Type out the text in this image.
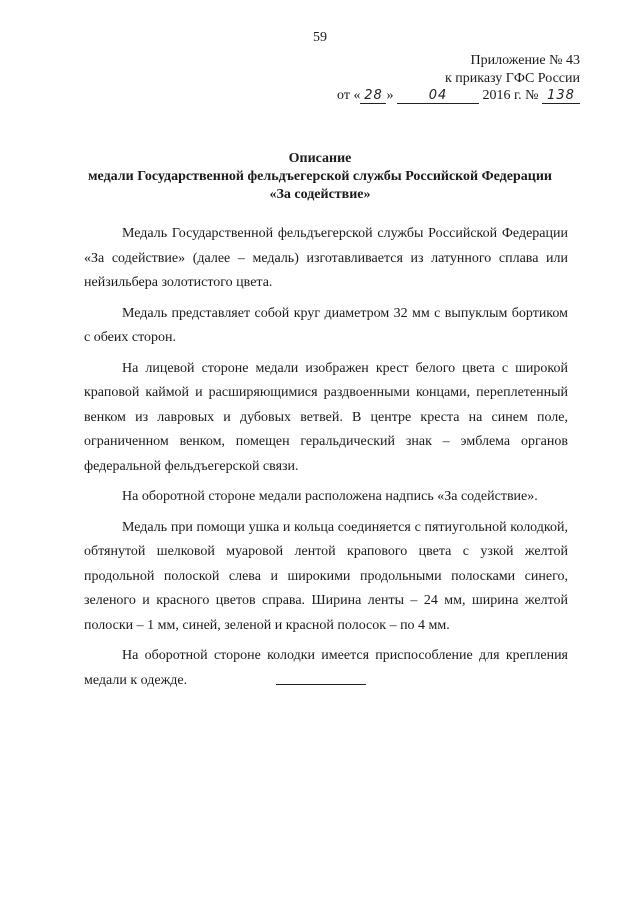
59
Приложение № 43
к приказу ГФС России
от « 28 »	04	2016 г. № 138
Описание
медали Государственной фельдъегерской службы Российской Федерации
«За содействие»

Медаль Государственной фельдъегерской службы Российской Федерации «За содействие» (далее – медаль) изготавливается из латунного сплава или нейзильбера золотистого цвета.

Медаль представляет собой круг диаметром 32 мм с выпуклым бортиком с обеих сторон.

На лицевой стороне медали изображен крест белого цвета с широкой краповой каймой и расширяющимися раздвоенными концами, переплетенный венком из лавровых и дубовых ветвей. В центре креста на синем поле, ограниченном венком, помещен геральдический знак – эмблема органов федеральной фельдъегерской связи.

На оборотной стороне медали расположена надпись «За содействие».

Медаль при помощи ушка и кольца соединяется с пятиугольной колодкой, обтянутой шелковой муаровой лентой крапового цвета с узкой желтой продольной полоской слева и широкими продольными полосками синего, зеленого и красного цветов справа. Ширина ленты – 24 мм, ширина желтой полоски – 1 мм, синей, зеленой и красной полосок – по 4 мм.

На оборотной стороне колодки имеется приспособление для крепления медали к одежде.
